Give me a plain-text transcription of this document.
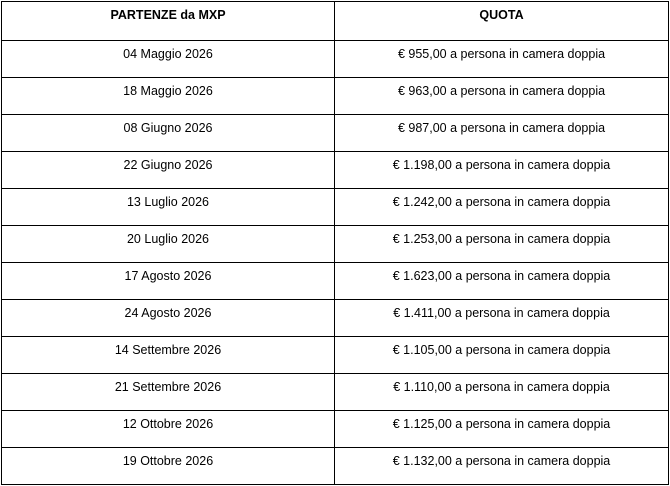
PARTENZE da MXP	QUOTA
04 Maggio 2026	€ 955,00 a persona in camera doppia
18 Maggio 2026	€ 963,00 a persona in camera doppia
08 Giugno 2026	€ 987,00 a persona in camera doppia
22 Giugno 2026	€ 1.198,00 a persona in camera doppia
13 Luglio 2026	€ 1.242,00 a persona in camera doppia
20 Luglio 2026	€ 1.253,00 a persona in camera doppia
17 Agosto 2026	€ 1.623,00 a persona in camera doppia
24 Agosto 2026	€ 1.411,00 a persona in camera doppia
14 Settembre 2026	€ 1.105,00 a persona in camera doppia
21 Settembre 2026	€ 1.110,00 a persona in camera doppia
12 Ottobre 2026	€ 1.125,00 a persona in camera doppia
19 Ottobre 2026	€ 1.132,00 a persona in camera doppia
